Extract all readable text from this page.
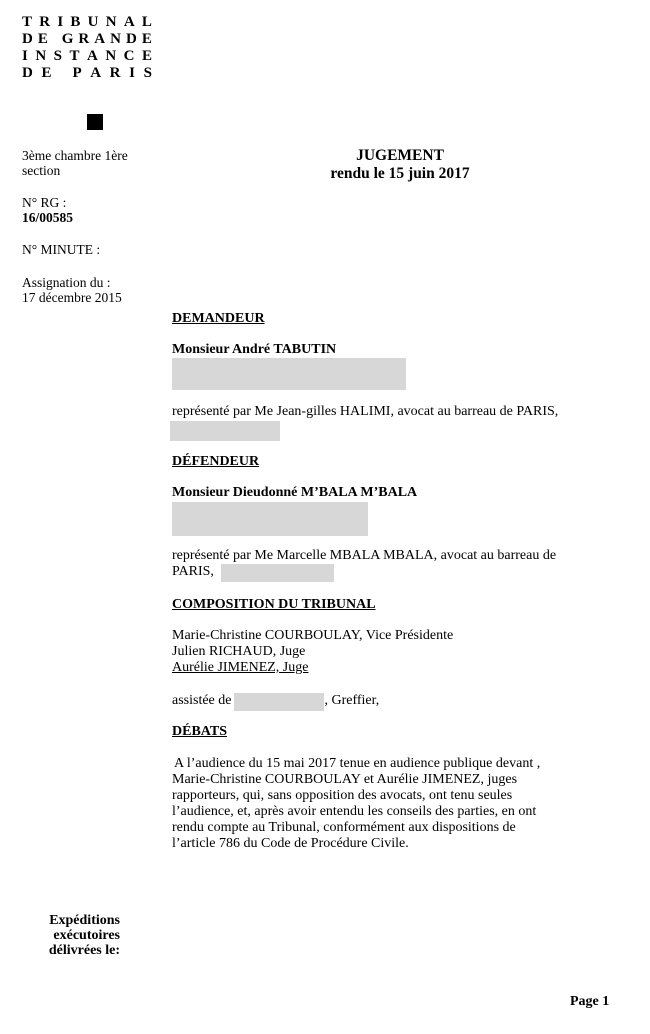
T R I B U N A L
D E
G R A N D E
I N S T A N C E
D E
P A R I S
3ème chambre 1ère
section
N° RG :
16/00585
N° MINUTE :
Assignation du :
17 décembre 2015
JUGEMENT
rendu le 15 juin 2017
DEMANDEUR
Monsieur André TABUTIN
représenté par Me Jean-gilles HALIMI, avocat au barreau de PARIS,
DÉFENDEUR
Monsieur Dieudonné M’BALA M’BALA
représenté par Me Marcelle MBALA MBALA, avocat au barreau de
PARIS,
COMPOSITION DU TRIBUNAL
Marie-Christine COURBOULAY, Vice Présidente
Julien RICHAUD, Juge
Aurélie JIMENEZ, Juge
assistée de	, Greffier,
DÉBATS
A l’audience du 15 mai 2017 tenue en audience publique devant ,
Marie-Christine COURBOULAY et Aurélie JIMENEZ, juges
rapporteurs, qui, sans opposition des avocats, ont tenu seules
l’audience, et, après avoir entendu les conseils des parties, en ont
rendu compte au Tribunal, conformément aux dispositions de
l’article 786 du Code de Procédure Civile.
Expéditions
exécutoires
délivrées le:
Page 1
